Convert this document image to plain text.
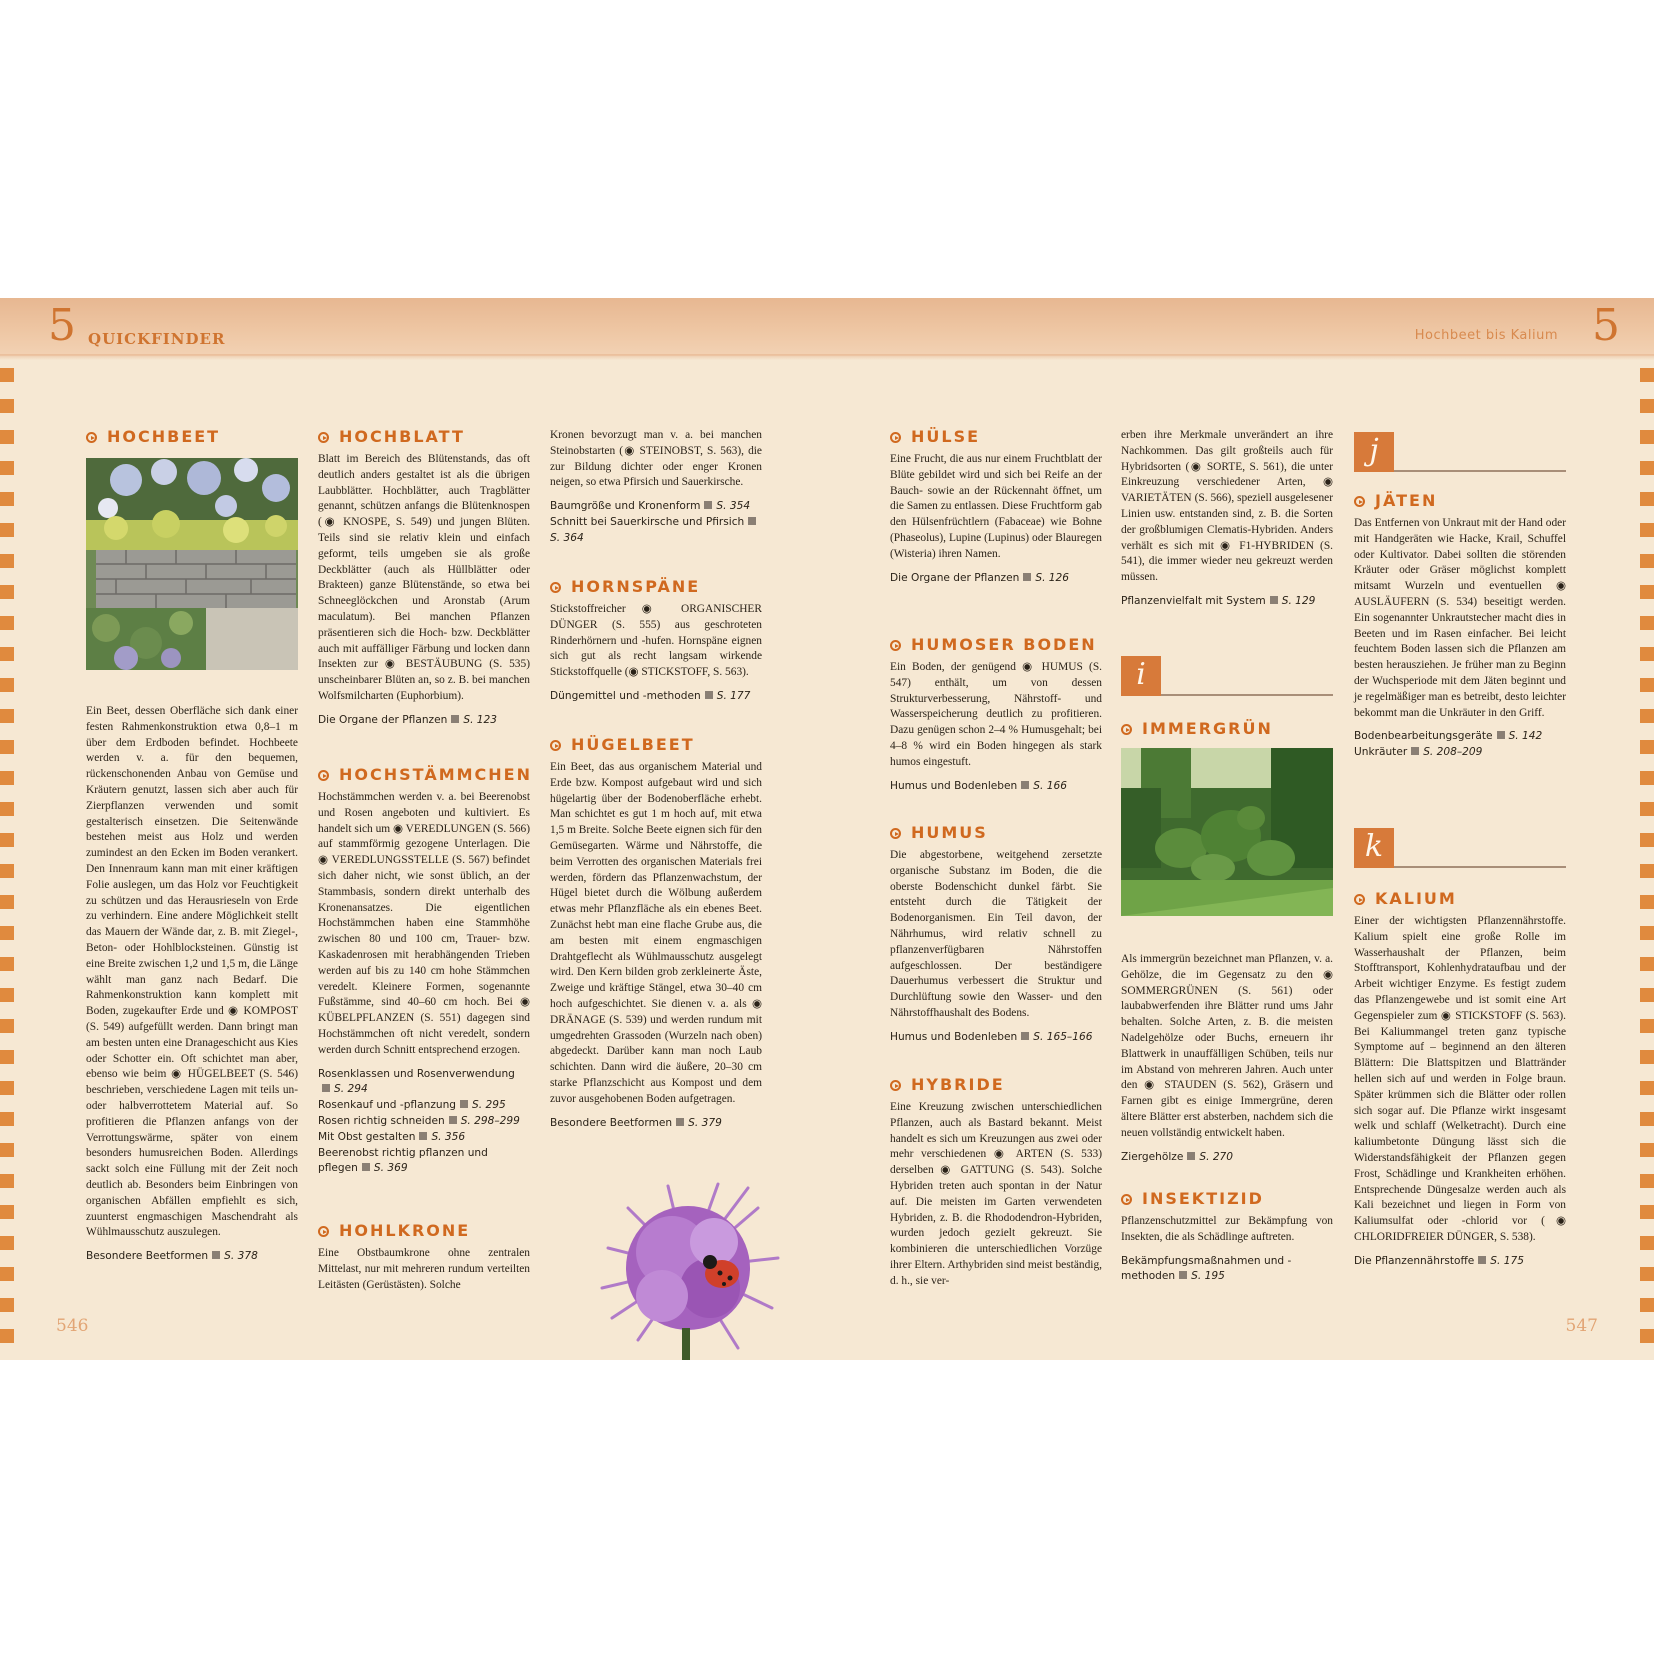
5 QUICKFINDER	Hochbeet bis Kalium 5
HOCHBEET

Ein Beet, dessen Oberfläche sich dank einer festen Rahmenkonstruktion etwa 0,8–1 m über dem Erdboden befindet. Hochbeete werden v. a. für den bequemen, rückenschonenden Anbau von Gemüse und Kräutern genutzt, lassen sich aber auch für Zierpflanzen verwenden und somit gestalterisch einsetzen. Die Seitenwände bestehen meist aus Holz und werden zumindest an den Ecken im Boden verankert. Den Innenraum kann man mit einer kräftigen Folie auslegen, um das Holz vor Feuchtigkeit zu schützen und das Herausrieseln von Erde zu verhindern. Eine andere Möglichkeit stellt das Mauern der Wände dar, z. B. mit Ziegel-, Beton- oder Hohlblocksteinen. Günstig ist eine Breite zwischen 1,2 und 1,5 m, die Länge wählt man ganz nach Bedarf. Die Rahmenkonstruktion kann komplett mit Boden, zugekaufter Erde und ◉ KOMPOST (S. 549) aufgefüllt werden. Dann bringt man am besten unten eine Dranageschicht aus Kies oder Schotter ein. Oft schichtet man aber, ebenso wie beim ◉ HÜGELBEET (S. 546) beschrieben, verschiedene Lagen mit teils un- oder halbverrottetem Material auf. So profitieren die Pflanzen anfangs von der Verrottungswärme, später von einem besonders humusreichen Boden. Allerdings sackt solch eine Füllung mit der Zeit noch deutlich ab. Besonders beim Einbringen von organischen Abfällen empfiehlt es sich, zuunterst engmaschigen Maschendraht als Wühlmausschutz auszulegen.

Besondere Beetformen S. 378
HOCHBLATT

Blatt im Bereich des Blütenstands, das oft deutlich anders gestaltet ist als die übrigen Laubblätter. Hochblätter, auch Tragblätter genannt, schützen anfangs die Blütenknospen (◉ KNOSPE, S. 549) und jungen Blüten. Teils sind sie relativ klein und einfach geformt, teils umgeben sie als große Deckblätter (auch als Hüllblätter oder Brakteen) ganze Blütenstände, so etwa bei Schneeglöckchen und Aronstab (Arum maculatum). Bei manchen Pflanzen präsentieren sich die Hoch- bzw. Deckblätter auch mit auffälliger Färbung und locken dann Insekten zur ◉ BESTÄUBUNG (S. 535) unscheinbarer Blüten an, so z. B. bei manchen Wolfsmilcharten (Euphorbium).

Die Organe der Pflanzen S. 123
HOCHSTÄMMCHEN

Hochstämmchen werden v. a. bei Beerenobst und Rosen angeboten und kultiviert. Es handelt sich um ◉ VEREDLUNGEN (S. 566) auf stammförmig gezogene Unterlagen. Die ◉ VEREDLUNGSSTELLE (S. 567) befindet sich daher nicht, wie sonst üblich, an der Stammbasis, sondern direkt unterhalb des Kronenansatzes. Die eigentlichen Hochstämmchen haben eine Stammhöhe zwischen 80 und 100 cm, Trauer- bzw. Kaskadenrosen mit herabhängenden Trieben werden auf bis zu 140 cm hohe Stämmchen veredelt. Kleinere Formen, sogenannte Fußstämme, sind 40–60 cm hoch. Bei ◉ KÜBELPFLANZEN (S. 551) dagegen sind Hochstämmchen oft nicht veredelt, sondern werden durch Schnitt entsprechend erzogen.

Rosenklassen und RosenverwendungS. 294
Rosenkauf und -pflanzung S. 295
Rosen richtig schneiden S. 298–299
Mit Obst gestalten S. 356
Beerenobst richtig pflanzen und pflegen S. 369
HOHLKRONE

Eine Obstbaumkrone ohne zentralen Mittelast, nur mit mehreren rundum verteilten Leitästen (Gerüstästen). Solche

Kronen bevorzugt man v. a. bei manchen Steinobstarten (◉ STEINOBST, S. 563), die zur Bildung dichter oder enger Kronen neigen, so etwa Pfirsich und Sauerkirsche.

Baumgröße und Kronenform S. 354
Schnitt bei Sauerkirsche und PfirsichS. 364
HORNSPÄNE

Stickstoffreicher ◉ ORGANISCHER DÜNGER (S. 555) aus geschroteten Rinderhörnern und -hufen. Hornspäne eignen sich gut als recht langsam wirkende Stickstoffquelle (◉ STICKSTOFF, S. 563).

Düngemittel und -methoden S. 177
HÜGELBEET

Ein Beet, das aus organischem Material und Erde bzw. Kompost aufgebaut wird und sich hügelartig über der Bodenoberfläche erhebt. Man schichtet es gut 1 m hoch auf, mit etwa 1,5 m Breite. Solche Beete eignen sich für den Gemüsegarten. Wärme und Nährstoffe, die beim Verrotten des organischen Materials frei werden, fördern das Pflanzenwachstum, der Hügel bietet durch die Wölbung außerdem etwas mehr Pflanzfläche als ein ebenes Beet. Zunächst hebt man eine flache Grube aus, die am besten mit einem engmaschigen Drahtgeflecht als Wühlmausschutz ausgelegt wird. Den Kern bilden grob zerkleinerte Äste, Zweige und kräftige Stängel, etwa 30–40 cm hoch aufgeschichtet. Sie dienen v. a. als ◉ DRÄNAGE (S. 539) und werden rundum mit umgedrehten Grassoden (Wurzeln nach oben) abgedeckt. Darüber kann man noch Laub schichten. Dann wird die äußere, 20–30 cm starke Pflanzschicht aus Kompost und dem zuvor ausgehobenen Boden aufgetragen.

Besondere Beetformen S. 379
HÜLSE

Eine Frucht, die aus nur einem Fruchtblatt der Blüte gebildet wird und sich bei Reife an der Bauch- sowie an der Rückennaht öffnet, um die Samen zu entlassen. Diese Fruchtform gab den Hülsenfrüchtlern (Fabaceae) wie Bohne (Phaseolus), Lupine (Lupinus) oder Blauregen (Wisteria) ihren Namen.

Die Organe der Pflanzen S. 126
HUMOSER BODEN

Ein Boden, der genügend ◉ HUMUS (S. 547) enthält, um von dessen Strukturverbesserung, Nährstoff- und Wasserspeicherung deutlich zu profitieren. Dazu genügen schon 2–4 % Humusgehalt; bei 4–8 % wird ein Boden hingegen als stark humos eingestuft.

Humus und Bodenleben S. 166
HUMUS

Die abgestorbene, weitgehend zersetzte organische Substanz im Boden, die die oberste Bodenschicht dunkel färbt. Sie entsteht durch die Tätigkeit der Bodenorganismen. Ein Teil davon, der Nährhumus, wird relativ schnell zu pflanzenverfügbaren Nährstoffen aufgeschlossen. Der beständigere Dauerhumus verbessert die Struktur und Durchlüftung sowie den Wasser- und den Nährstoffhaushalt des Bodens.

Humus und Bodenleben S. 165–166
HYBRIDE

Eine Kreuzung zwischen unterschiedlichen Pflanzen, auch als Bastard bekannt. Meist handelt es sich um Kreuzungen aus zwei oder mehr verschiedenen ◉ ARTEN (S. 533) derselben ◉ GATTUNG (S. 543). Solche Hybriden treten auch spontan in der Natur auf. Die meisten im Garten verwendeten Hybriden, z. B. die Rhododendron-Hybriden, wurden jedoch gezielt gekreuzt. Sie kombinieren die unterschiedlichen Vorzüge ihrer Eltern. Arthybriden sind meist beständig, d. h., sie ver-

erben ihre Merkmale unverändert an ihre Nachkommen. Das gilt großteils auch für Hybridsorten (◉ SORTE, S. 561), die unter Einkreuzung verschiedener Arten, ◉ VARIETÄTEN (S. 566), speziell ausgelesener Linien usw. entstanden sind, z. B. die Sorten der großblumigen Clematis-Hybriden. Anders verhält es sich mit ◉ F1-HYBRIDEN (S. 541), die immer wieder neu gekreuzt werden müssen.

Pflanzenvielfalt mit System S. 129
i
IMMERGRÜN

Als immergrün bezeichnet man Pflanzen, v. a. Gehölze, die im Gegensatz zu den ◉ SOMMERGRÜNEN (S. 561) oder laubabwerfenden ihre Blätter rund ums Jahr behalten. Solche Arten, z. B. die meisten Nadelgehölze oder Buchs, erneuern ihr Blattwerk in unauffälligen Schüben, teils nur im Abstand von mehreren Jahren. Auch unter den ◉ STAUDEN (S. 562), Gräsern und Farnen gibt es einige Immergrüne, deren ältere Blätter erst absterben, nachdem sich die neuen vollständig entwickelt haben.

Ziergehölze S. 270
INSEKTIZID

Pflanzenschutzmittel zur Bekämpfung von Insekten, die als Schädlinge auftreten.

Bekämpfungsmaßnahmen und -methoden S. 195
j
JÄTEN

Das Entfernen von Unkraut mit der Hand oder mit Handgeräten wie Hacke, Krail, Schuffel oder Kultivator. Dabei sollten die störenden Kräuter oder Gräser möglichst komplett mitsamt Wurzeln und eventuellen ◉ AUSLÄUFERN (S. 534) beseitigt werden. Ein sogenannter Unkrautstecher macht dies in Beeten und im Rasen einfacher. Bei leicht feuchtem Boden lassen sich die Pflanzen am besten herausziehen. Je früher man zu Beginn der Wuchsperiode mit dem Jäten beginnt und je regelmäßiger man es betreibt, desto leichter bekommt man die Unkräuter in den Griff.

Bodenbearbeitungsgeräte S. 142
Unkräuter S. 208–209
k
KALIUM

Einer der wichtigsten Pflanzennährstoffe. Kalium spielt eine große Rolle im Wasserhaushalt der Pflanzen, beim Stofftransport, Kohlenhydrataufbau und der Arbeit wichtiger Enzyme. Es festigt zudem das Pflanzengewebe und ist somit eine Art Gegenspieler zum ◉ STICKSTOFF (S. 563). Bei Kaliummangel treten ganz typische Symptome auf – beginnend an den älteren Blättern: Die Blattspitzen und Blattränder hellen sich auf und werden in Folge braun. Später krümmen sich die Blätter oder rollen sich sogar auf. Die Pflanze wirkt insgesamt welk und schlaff (Welketracht). Durch eine kaliumbetonte Düngung lässt sich die Widerstandsfähigkeit der Pflanzen gegen Frost, Schädlinge und Krankheiten erhöhen. Entsprechende Düngesalze werden auch als Kali bezeichnet und liegen in Form von Kaliumsulfat oder -chlorid vor (◉ CHLORIDFREIER DÜNGER, S. 538).

Die Pflanzennährstoffe S. 175
546	547
